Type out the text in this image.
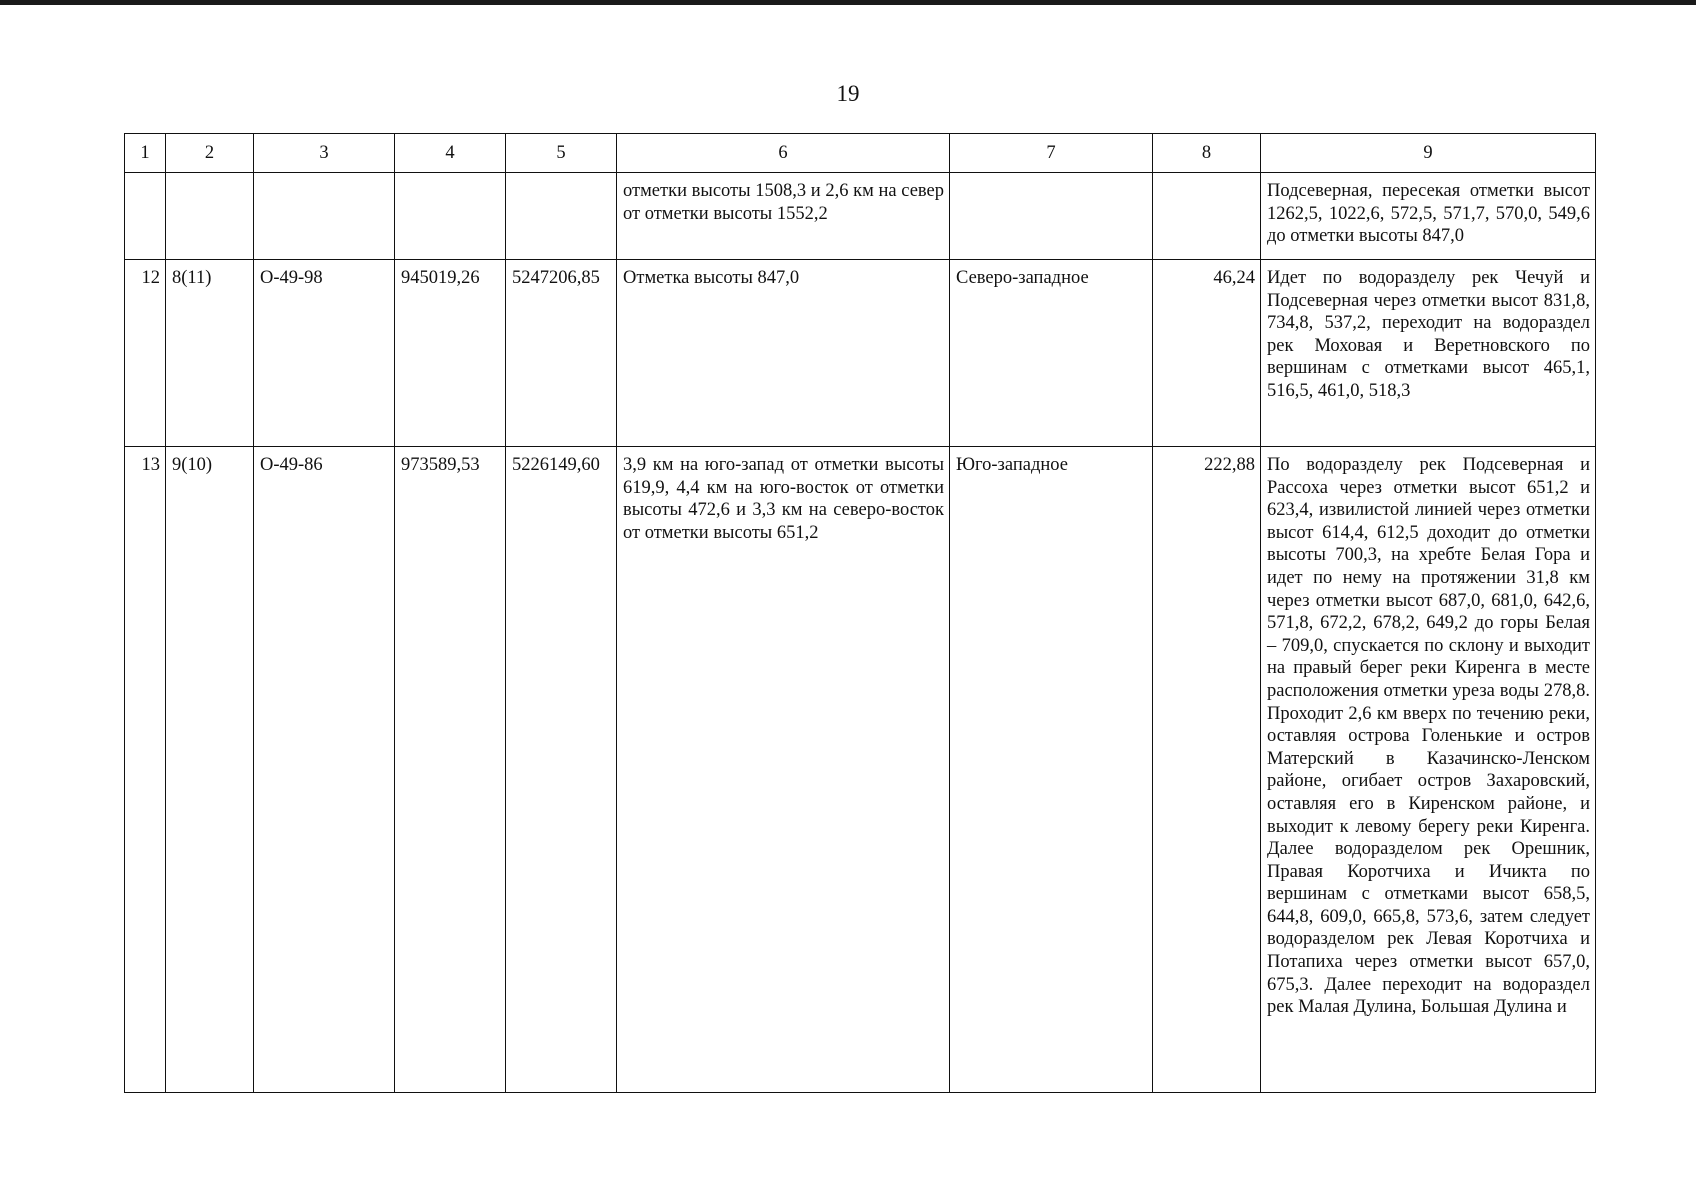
19
1	2	3	4	5	6	7	8	9
					отметки высоты 1508,3 и 2,6 км на север от отметки высоты 1552,2			Подсеверная, пересекая отметки высот 1262,5, 1022,6, 572,5, 571,7, 570,0, 549,6 до отметки высоты 847,0
12	8(11)	O-49-98	945019,26	5247206,85	Отметка высоты 847,0	Северо-западное	46,24	Идет по водоразделу рек Чечуй и Подсеверная через отметки высот 831,8, 734,8, 537,2, переходит на водораздел рек Моховая и Веретновского по вершинам с отметками высот 465,1, 516,5, 461,0, 518,3
13	9(10)	O-49-86	973589,53	5226149,60	3,9 км на юго-запад от отметки высоты 619,9, 4,4 км на юго-восток от отметки высоты 472,6 и 3,3 км на северо-восток от отметки высоты 651,2	Юго-западное	222,88	По водоразделу рек Подсеверная и Рассоха через отметки высот 651,2 и 623,4, извилистой линией через отметки высот 614,4, 612,5 доходит до отметки высоты 700,3, на хребте Белая Гора и идет по нему на протяжении 31,8 км через отметки высот 687,0, 681,0, 642,6, 571,8, 672,2, 678,2, 649,2 до горы Белая – 709,0, спускается по склону и выходит на правый берег реки Киренга в месте расположения отметки уреза воды 278,8. Проходит 2,6 км вверх по течению реки, оставляя острова Голенькие и остров Матерский в Казачинско-Ленском районе, огибает остров Захаровский, оставляя его в Киренском районе, и выходит к левому берегу реки Киренга. Далее водоразделом рек Орешник, Правая Коротчиха и Ичикта по вершинам с отметками высот 658,5, 644,8, 609,0, 665,8, 573,6, затем следует водоразделом рек Левая Коротчиха и Потапиха через отметки высот 657,0, 675,3. Далее переходит на водораздел рек Малая Дулина, Большая Дулина и
